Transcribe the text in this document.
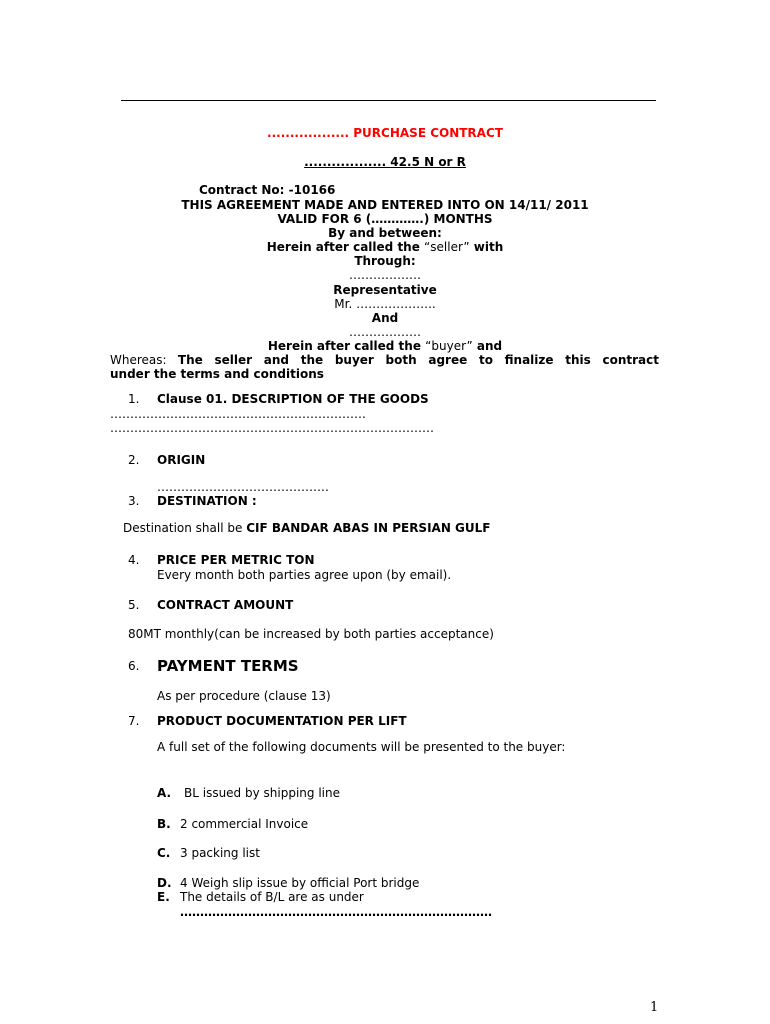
.................. PURCHASE CONTRACT
.................. 42.5 N or R
Contract No: -10166
THIS AGREEMENT MADE AND ENTERED INTO ON 14/11/ 2011
VALID FOR 6 (………….) MONTHS
By and between:
Herein after called the “seller” with
Through:
………………
Representative
Mr. ………………..
And
………………
Herein after called the “buyer” and
Whereas: The seller and the buyer both agree to finalize this contract
under the terms and conditions
1. Clause 01. DESCRIPTION OF THE GOODS
……………………………………………………….
………………………………………………………………………
2. ORIGIN
…………………………………….
3. DESTINATION :
Destination shall be CIF BANDAR ABAS IN PERSIAN GULF
4. PRICE PER METRIC TON
Every month both parties agree upon (by email).
5. CONTRACT AMOUNT
80MT monthly(can be increased by both parties acceptance)
6. PAYMENT TERMS
As per procedure (clause 13)
7. PRODUCT DOCUMENTATION PER LIFT
A full set of the following documents will be presented to the buyer:
A. BL issued by shipping line
B. 2 commercial Invoice
C. 3 packing list
D. 4 Weigh slip issue by official Port bridge
E. The details of B/L are as under
……………………………………………………………………
1
